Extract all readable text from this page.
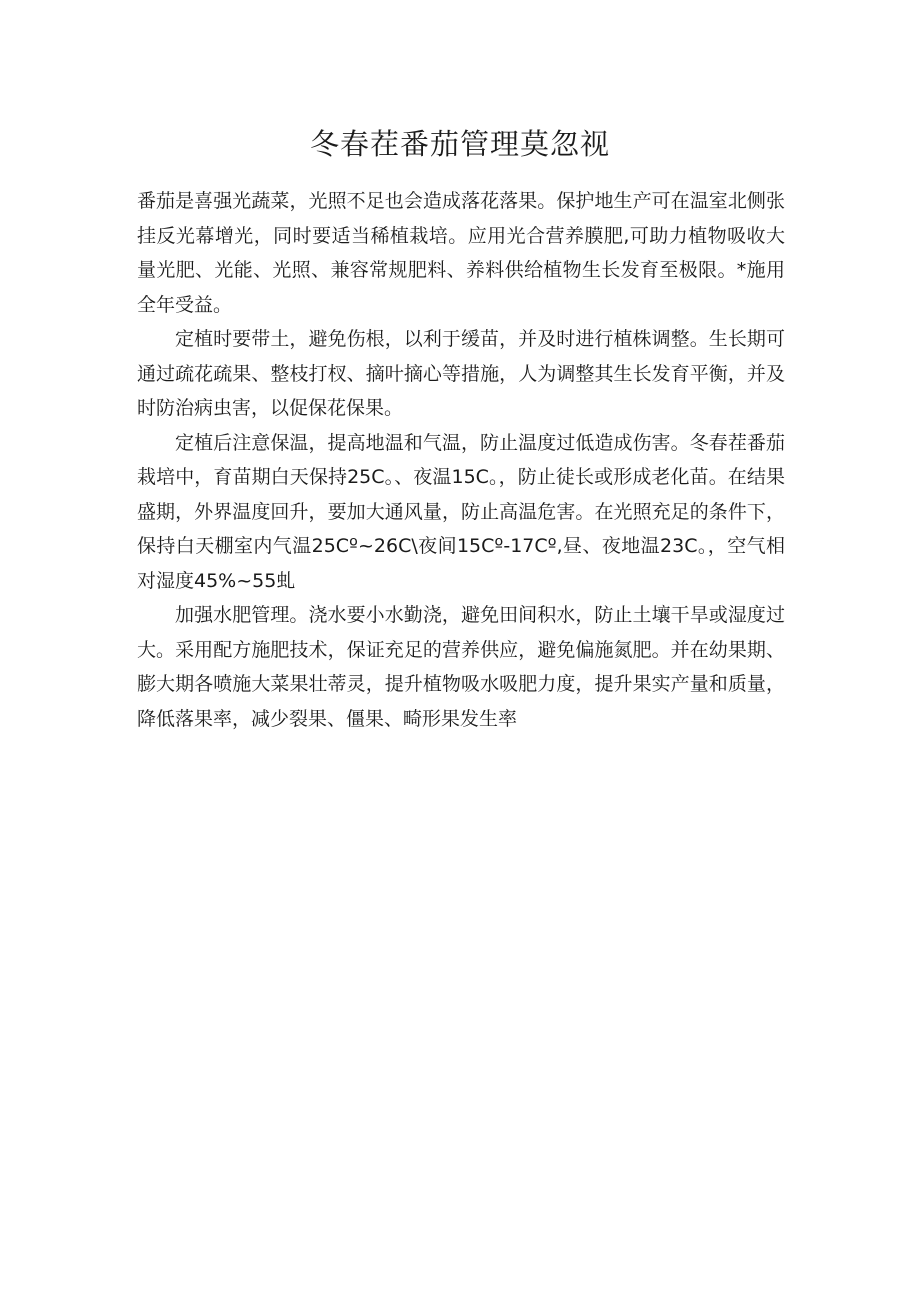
冬春茬番茄管理莫忽视

番茄是喜强光蔬菜，光照不足也会造成落花落果。保护地生产可在温室北侧张挂反光幕增光，同时要适当稀植栽培。应用光合营养膜肥,可助力植物吸收大量光肥、光能、光照、兼容常规肥料、养料供给植物生长发育至极限。*施用全年受益。

定植时要带土，避免伤根，以利于缓苗，并及时进行植株调整。生长期可通过疏花疏果、整枝打杈、摘叶摘心等措施，人为调整其生长发育平衡，并及时防治病虫害，以促保花保果。

定植后注意保温，提高地温和气温，防止温度过低造成伤害。冬春茬番茄栽培中，育苗期白天保持25C。、夜温15C。，防止徒长或形成老化苗。在结果盛期，外界温度回升，要加大通风量，防止高温危害。在光照充足的条件下，保持白天棚室内气温25Cº~26C\夜间15Cº-17Cº,昼、夜地温23C。，空气相对湿度45%~55虬

加强水肥管理。浇水要小水勤浇，避免田间积水，防止土壤干旱或湿度过大。采用配方施肥技术，保证充足的营养供应，避免偏施氮肥。并在幼果期、膨大期各喷施大菜果壮蒂灵，提升植物吸水吸肥力度，提升果实产量和质量，降低落果率，减少裂果、僵果、畸形果发生率
